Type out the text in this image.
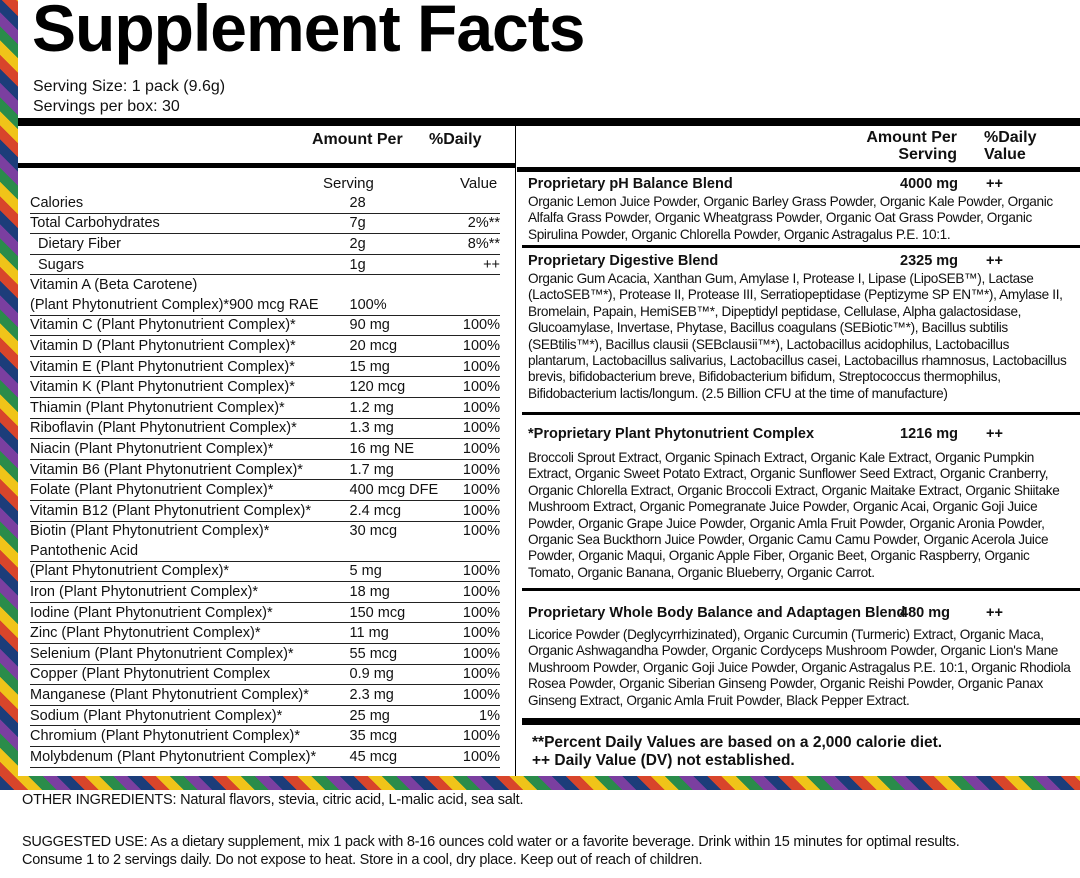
Supplement Facts
Serving Size: 1 pack (9.6g)
Servings per box: 30
Amount Per %Daily
Serving	Value
Calories	28	
Total Carbohydrates	7g	2%**
Dietary Fiber	2g	8%**
Sugars	1g	++
Vitamin A (Beta Carotene)		
(Plant Phytonutrient Complex)*900 mcg RAE	100%	
Vitamin C (Plant Phytonutrient Complex)*	90 mg	100%
Vitamin D (Plant Phytonutrient Complex)*	20 mcg	100%
Vitamin E (Plant Phytonutrient Complex)*	15 mg	100%
Vitamin K (Plant Phytonutrient Complex)*	120 mcg	100%
Thiamin (Plant Phytonutrient Complex)*	1.2 mg	100%
Riboflavin (Plant Phytonutrient Complex)*	1.3 mg	100%
Niacin (Plant Phytonutrient Complex)*	16 mg NE	100%
Vitamin B6 (Plant Phytonutrient Complex)*	1.7 mg	100%
Folate (Plant Phytonutrient Complex)*	400 mcg DFE	100%
Vitamin B12 (Plant Phytonutrient Complex)*	2.4 mcg	100%
Biotin (Plant Phytonutrient Complex)*	30 mcg	100%
Pantothenic Acid		
(Plant Phytonutrient Complex)*	5 mg	100%
Iron (Plant Phytonutrient Complex)*	18 mg	100%
Iodine (Plant Phytonutrient Complex)*	150 mcg	100%
Zinc (Plant Phytonutrient Complex)*	11 mg	100%
Selenium (Plant Phytonutrient Complex)*	55 mcg	100%
Copper (Plant Phytonutrient Complex	0.9 mg	100%
Manganese (Plant Phytonutrient Complex)*	2.3 mg	100%
Sodium (Plant Phytonutrient Complex)*	25 mg	1%
Chromium (Plant Phytonutrient Complex)*	35 mcg	100%
Molybdenum (Plant Phytonutrient Complex)*	45 mcg	100%
Amount Per
Serving
%Daily
Value
Proprietary pH Balance Blend	4000 mg ++
Organic Lemon Juice Powder, Organic Barley Grass Powder, Organic Kale Powder, Organic Alfalfa Grass Powder, Organic Wheatgrass Powder, Organic Oat Grass Powder, Organic Spirulina Powder, Organic Chlorella Powder, Organic Astragalus P.E. 10:1.
Proprietary Digestive Blend	2325 mg ++
Organic Gum Acacia, Xanthan Gum, Amylase I, Protease I, Lipase (LipoSEB™), Lactase (LactoSEB™*), Protease II, Protease III, Serratiopeptidase (Peptizyme SP EN™*), Amylase II, Bromelain, Papain, HemiSEB™*, Dipeptidyl peptidase, Cellulase, Alpha galactosidase, Glucoamylase, Invertase, Phytase, Bacillus coagulans (SEBiotic™*), Bacillus subtilis (SEBtilis™*), Bacillus clausii (SEBclausii™*), Lactobacillus acidophilus, Lactobacillus plantarum, Lactobacillus salivarius, Lactobacillus casei, Lactobacillus rhamnosus, Lactobacillus brevis, bifidobacterium breve, Bifidobacterium bifidum, Streptococcus thermophilus, Bifidobacterium lactis/longum. (2.5 Billion CFU at the time of manufacture)
*Proprietary Plant Phytonutrient Complex	1216 mg ++
Broccoli Sprout Extract, Organic Spinach Extract, Organic Kale Extract, Organic Pumpkin Extract, Organic Sweet Potato Extract, Organic Sunflower Seed Extract, Organic Cranberry, Organic Chlorella Extract, Organic Broccoli Extract, Organic Maitake Extract, Organic Shiitake Mushroom Extract, Organic Pomegranate Juice Powder, Organic Acai, Organic Goji Juice Powder, Organic Grape Juice Powder, Organic Amla Fruit Powder, Organic Aronia Powder, Organic Sea Buckthorn Juice Powder, Organic Camu Camu Powder, Organic Acerola Juice Powder, Organic Maqui, Organic Apple Fiber, Organic Beet, Organic Raspberry, Organic Tomato, Organic Banana, Organic Blueberry, Organic Carrot.
Proprietary Whole Body Balance and Adaptagen Blend
480 mg ++
Licorice Powder (Deglycyrrhizinated), Organic Curcumin (Turmeric) Extract, Organic Maca, Organic Ashwagandha Powder, Organic Cordyceps Mushroom Powder, Organic Lion's Mane Mushroom Powder, Organic Goji Juice Powder, Organic Astragalus P.E. 10:1, Organic Rhodiola Rosea Powder, Organic Siberian Ginseng Powder, Organic Reishi Powder, Organic Panax Ginseng Extract, Organic Amla Fruit Powder, Black Pepper Extract.
**Percent Daily Values are based on a 2,000 calorie diet.
++ Daily Value (DV) not established.
OTHER INGREDIENTS: Natural flavors, stevia, citric acid, L-malic acid, sea salt.
SUGGESTED USE: As a dietary supplement, mix 1 pack with 8-16 ounces cold water or a favorite beverage. Drink within 15 minutes for optimal results.
Consume 1 to 2 servings daily. Do not expose to heat. Store in a cool, dry place. Keep out of reach of children.
